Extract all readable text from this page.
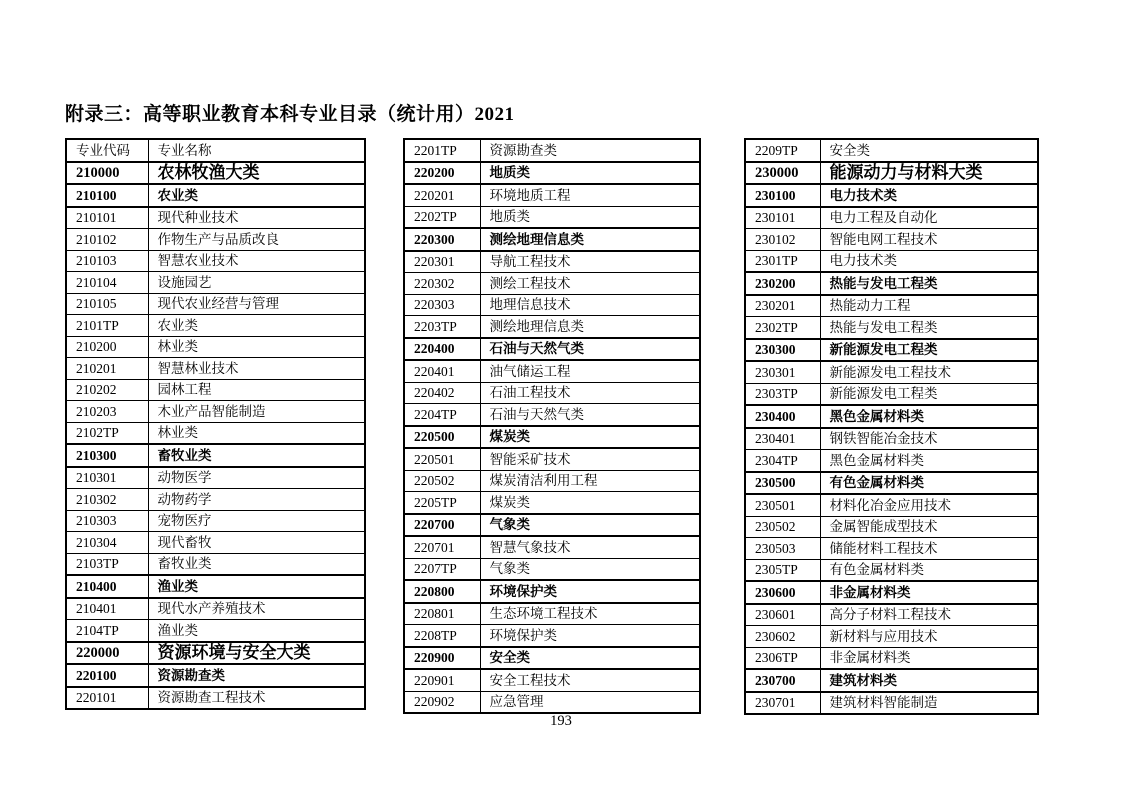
附录三：高等职业教育本科专业目录（统计用）2021
专业代码	专业名称
210000	农林牧渔大类
210100	农业类
210101	现代种业技术
210102	作物生产与品质改良
210103	智慧农业技术
210104	设施园艺
210105	现代农业经营与管理
2101TP	农业类
210200	林业类
210201	智慧林业技术
210202	园林工程
210203	木业产品智能制造
2102TP	林业类
210300	畜牧业类
210301	动物医学
210302	动物药学
210303	宠物医疗
210304	现代畜牧
2103TP	畜牧业类
210400	渔业类
210401	现代水产养殖技术
2104TP	渔业类
220000	资源环境与安全大类
220100	资源勘查类
220101	资源勘查工程技术
2201TP	资源勘查类
220200	地质类
220201	环境地质工程
2202TP	地质类
220300	测绘地理信息类
220301	导航工程技术
220302	测绘工程技术
220303	地理信息技术
2203TP	测绘地理信息类
220400	石油与天然气类
220401	油气储运工程
220402	石油工程技术
2204TP	石油与天然气类
220500	煤炭类
220501	智能采矿技术
220502	煤炭清洁利用工程
2205TP	煤炭类
220700	气象类
220701	智慧气象技术
2207TP	气象类
220800	环境保护类
220801	生态环境工程技术
2208TP	环境保护类
220900	安全类
220901	安全工程技术
220902	应急管理
2209TP	安全类
230000	能源动力与材料大类
230100	电力技术类
230101	电力工程及自动化
230102	智能电网工程技术
2301TP	电力技术类
230200	热能与发电工程类
230201	热能动力工程
2302TP	热能与发电工程类
230300	新能源发电工程类
230301	新能源发电工程技术
2303TP	新能源发电工程类
230400	黑色金属材料类
230401	钢铁智能冶金技术
2304TP	黑色金属材料类
230500	有色金属材料类
230501	材料化冶金应用技术
230502	金属智能成型技术
230503	储能材料工程技术
2305TP	有色金属材料类
230600	非金属材料类
230601	高分子材料工程技术
230602	新材料与应用技术
2306TP	非金属材料类
230700	建筑材料类
230701	建筑材料智能制造
193
